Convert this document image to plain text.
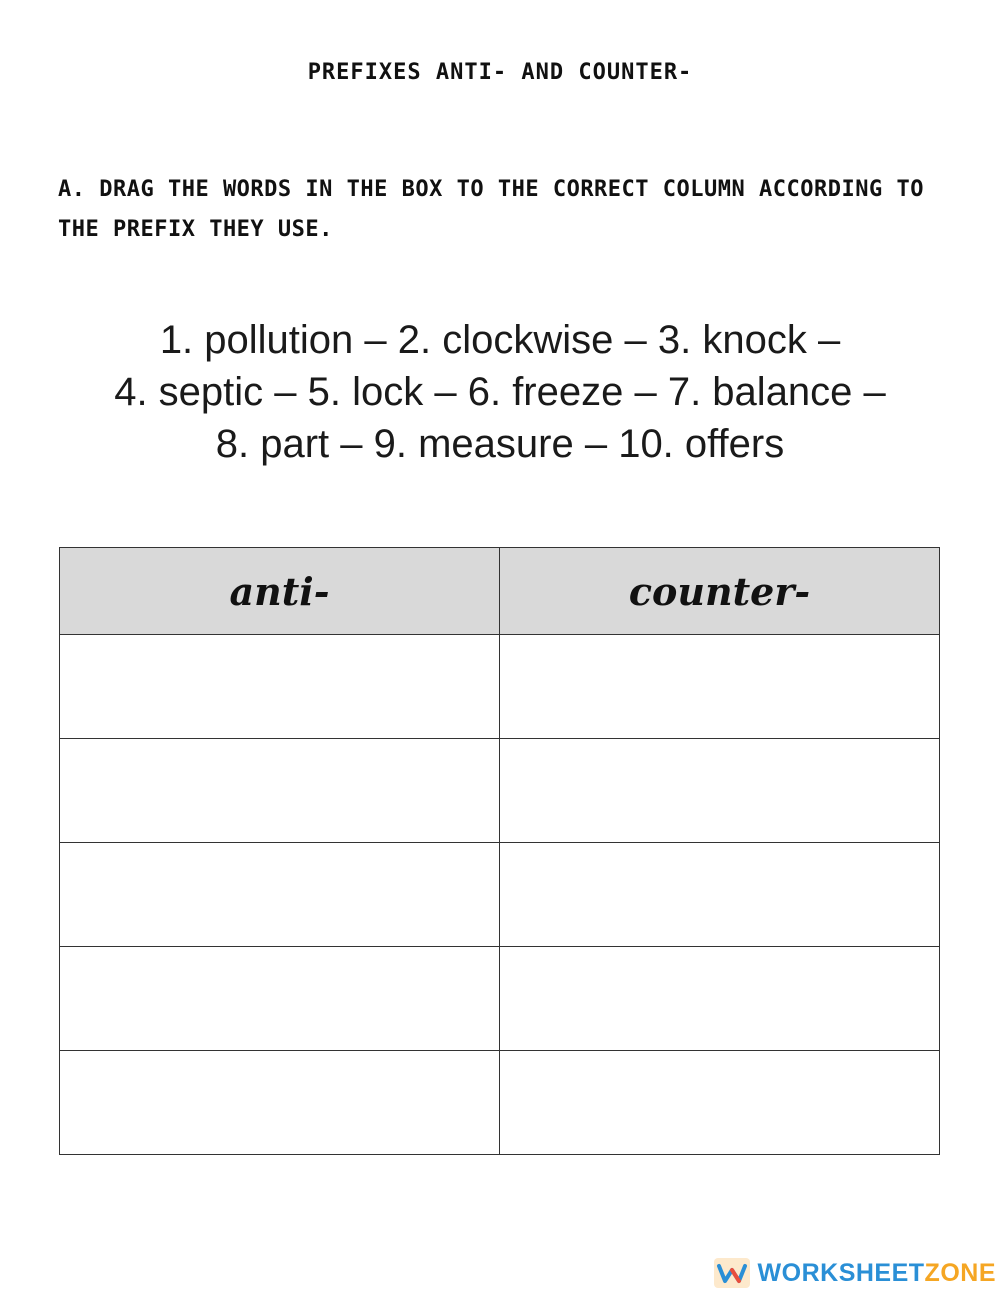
PREFIXES ANTI- AND COUNTER-
A. DRAG THE WORDS IN THE BOX TO THE CORRECT COLUMN ACCORDING TO THE PREFIX THEY USE.
1. pollution – 2. clockwise – 3. knock –
4. septic – 5. lock – 6. freeze – 7. balance –
8. part – 9. measure – 10. offers
anti-	counter-

WORKSHEETZONE
